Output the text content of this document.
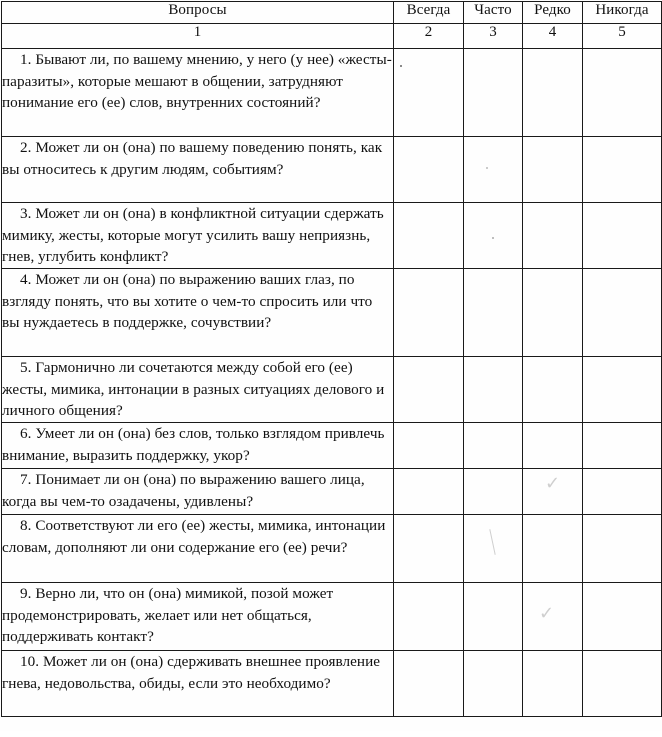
Вопросы	Всегда	Часто	Редко	Никогда
1	2	3	4	5
1. Бывают ли, по вашему мнению, у него (у нее) «жесты-паразиты», которые мешают в общении, затрудняют понимание его (ее) слов, внутренних состояний?	

2. Может ли он (она) по вашему поведению понять, как вы относитесь к другим людям, событиям?		

3. Может ли он (она) в конфликтной ситуации сдержать мимику, жесты, которые могут усилить вашу неприязнь, гнев, углубить конфликт?		

4. Может ли он (она) по выражению ваших глаз, по взгляду понять, что вы хотите о чем-то спросить или что вы нуждаетесь в поддержке, сочувствии?				
5. Гармонично ли сочетаются между собой его (ее) жесты, мимика, интонации в разных ситуациях делового и личного общения?				
6. Умеет ли он (она) без слов, только взглядом привлечь внимание, выразить поддержку, укор?				
7. Понимает ли он (она) по выражению вашего лица, когда вы чем-то озадачены, удивлены?			✓	

8. Соответствуют ли его (ее) жесты, мимика, интонации словам, дополняют ли они содержание его (ее) речи?		

9. Верно ли, что он (она) мимикой, позой может продемонстрировать, желает или нет общаться, поддерживать контакт?			✓	

10. Может ли он (она) сдерживать внешнее проявление гнева, недовольства, обиды, если это необходимо?				
